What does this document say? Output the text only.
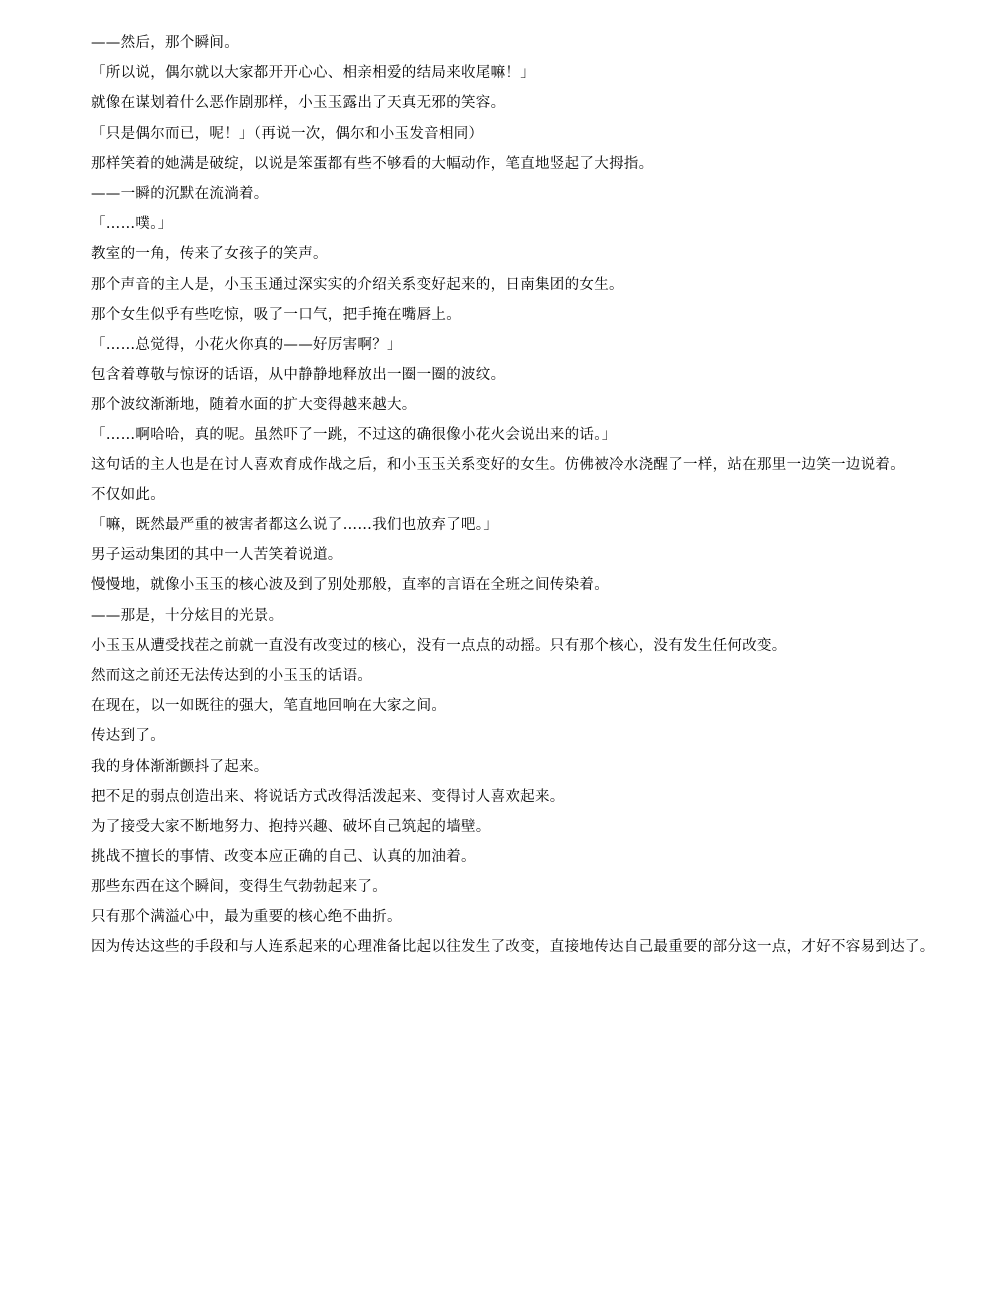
——然后，那个瞬间。

「所以说，偶尔就以大家都开开心心、相亲相爱的结局来收尾嘛！」

就像在谋划着什么恶作剧那样，小玉玉露出了天真无邪的笑容。

「只是偶尔而已，呢！」（再说一次，偶尔和小玉发音相同）

那样笑着的她满是破绽，以说是笨蛋都有些不够看的大幅动作，笔直地竖起了大拇指。

——一瞬的沉默在流淌着。

「……噗。」

教室的一角，传来了女孩子的笑声。

那个声音的主人是，小玉玉通过深实实的介绍关系变好起来的，日南集团的女生。

那个女生似乎有些吃惊，吸了一口气，把手掩在嘴唇上。

「……总觉得，小花火你真的——好厉害啊？」

包含着尊敬与惊讶的话语，从中静静地释放出一圈一圈的波纹。

那个波纹渐渐地，随着水面的扩大变得越来越大。

「……啊哈哈，真的呢。虽然吓了一跳，不过这的确很像小花火会说出来的话。」

这句话的主人也是在讨人喜欢育成作战之后，和小玉玉关系变好的女生。仿佛被冷水浇醒了一样，站在那里一边笑一边说着。

不仅如此。

「嘛，既然最严重的被害者都这么说了……我们也放弃了吧。」

男子运动集团的其中一人苦笑着说道。

慢慢地，就像小玉玉的核心波及到了别处那般，直率的言语在全班之间传染着。

——那是，十分炫目的光景。

小玉玉从遭受找茬之前就一直没有改变过的核心，没有一点点的动摇。只有那个核心，没有发生任何改变。

然而这之前还无法传达到的小玉玉的话语。

在现在，以一如既往的强大，笔直地回响在大家之间。

传达到了。

我的身体渐渐颤抖了起来。

把不足的弱点创造出来、将说话方式改得活泼起来、变得讨人喜欢起来。

为了接受大家不断地努力、抱持兴趣、破坏自己筑起的墙壁。

挑战不擅长的事情、改变本应正确的自己、认真的加油着。

那些东西在这个瞬间，变得生气勃勃起来了。

只有那个满溢心中，最为重要的核心绝不曲折。

因为传达这些的手段和与人连系起来的心理准备比起以往发生了改变，直接地传达自己最重要的部分这一点，才好不容易到达了。
